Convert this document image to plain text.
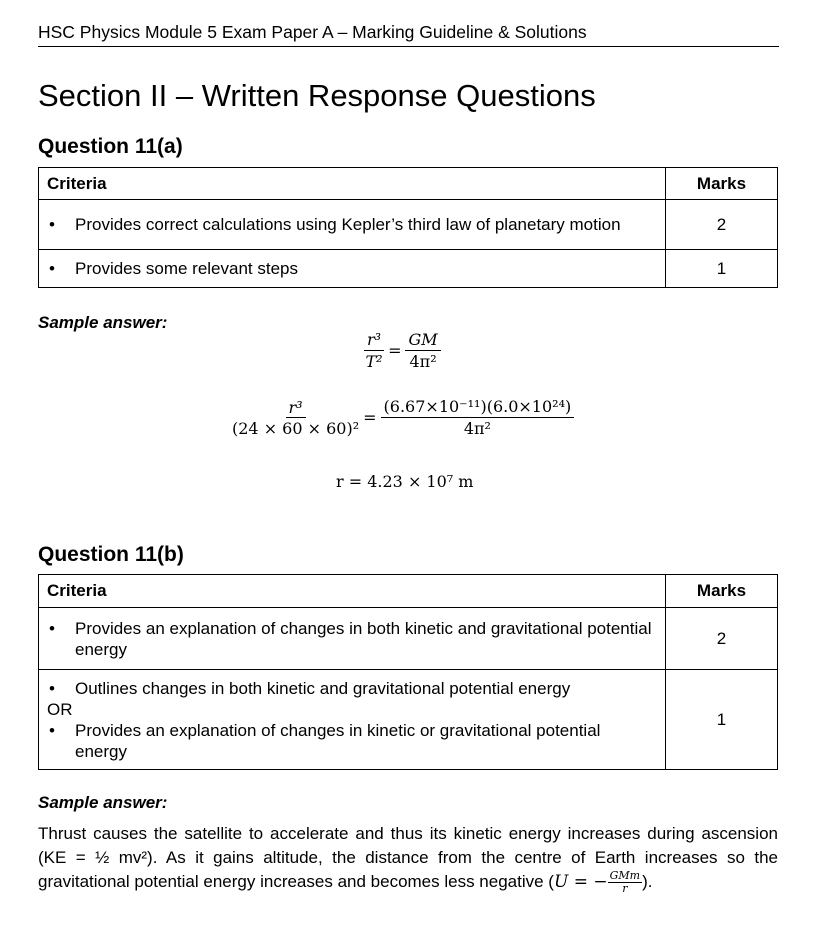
HSC Physics Module 5 Exam Paper A – Marking Guideline & Solutions
Section II – Written Response Questions
Question 11(a)
Criteria	Marks

• Provides correct calculations using Kepler’s third law of planetary motion	2

• Provides some relevant steps	1
Sample answer:
$\frac{\text{r³}}{\text{T²}} = \frac{GM}{\text{4π²}}$
$\frac{\text{r³}}{\text{(24 × 60 × 60)²}} = \frac{\text{(6.67×10⁻¹¹)(6.0×10²⁴)}}{\text{4π²}}$
r = 4.23 × 10⁷ m
Question 11(b)
Criteria	Marks

• Provides an explanation of changes in both kinetic and gravitational potential energy	2

• Outlines changes in both kinetic and gravitational potential energy
OR
• Provides an explanation of changes in kinetic or gravitational potential energy	1
Sample answer:
Thrust causes the satellite to accelerate and thus its kinetic energy increases during ascension (KE = ½ mv²). As it gains altitude, the distance from the centre of Earth increases so the gravitational potential energy increases and becomes less negative (U = − $\frac{\text{GMm}}{r}$ ).
